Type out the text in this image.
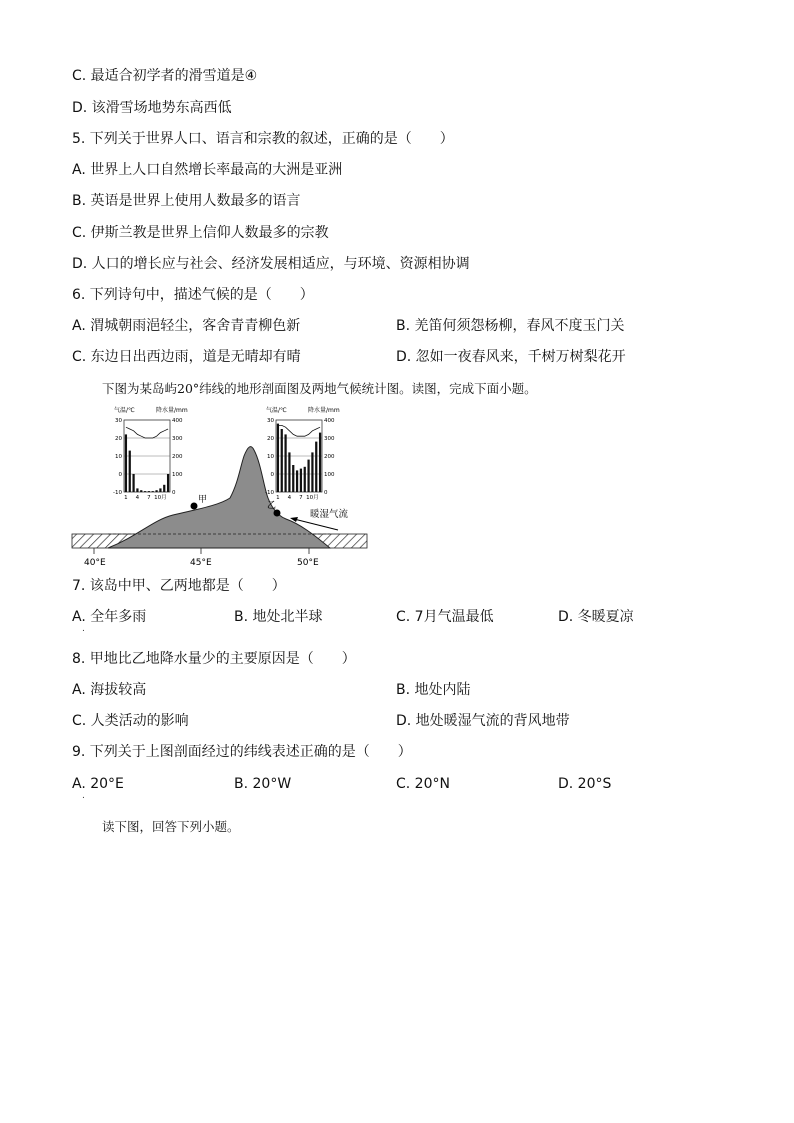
C. 最适合初学者的滑雪道是④
D. 该滑雪场地势东高西低
5. 下列关于世界人口、语言和宗教的叙述，正确的是（　　）
A. 世界上人口自然增长率最高的大洲是亚洲
B. 英语是世界上使用人数最多的语言
C. 伊斯兰教是世界上信仰人数最多的宗教
D. 人口的增长应与社会、经济发展相适应，与环境、资源相协调
6. 下列诗句中，描述气候的是（　　）
A. 渭城朝雨浥轻尘，客舍青青柳色新	B. 羌笛何须怨杨柳，春风不度玉门关
C. 东边日出西边雨，道是无晴却有晴	D. 忽如一夜春风来，千树万树梨花开
下图为某岛屿20°纬线的地形剖面图及两地气候统计图。读图，完成下面小题。
甲
乙
暖湿气流
40°E	45°E	50°E
气温/℃	降水量/mm
30	400
20	300
10	200
0	100
-10	0
1 4 7 10月
气温/℃	降水量/mm
30	400
20	300
10	200
0	100
-10	0
1 4 7 10月
7. 该岛中甲、乙两地都是（　　）
A. 全年多雨	B. 地处北半球	C. 7月气温最低	D. 冬暖夏凉
.
8. 甲地比乙地降水量少的主要原因是（　　）
A. 海拔较高	B. 地处内陆
C. 人类活动的影响	D. 地处暖湿气流的背风地带
9. 下列关于上图剖面经过的纬线表述正确的是（　　）
A. 20°E	B. 20°W	C. 20°N	D. 20°S
.
读下图，回答下列小题。
